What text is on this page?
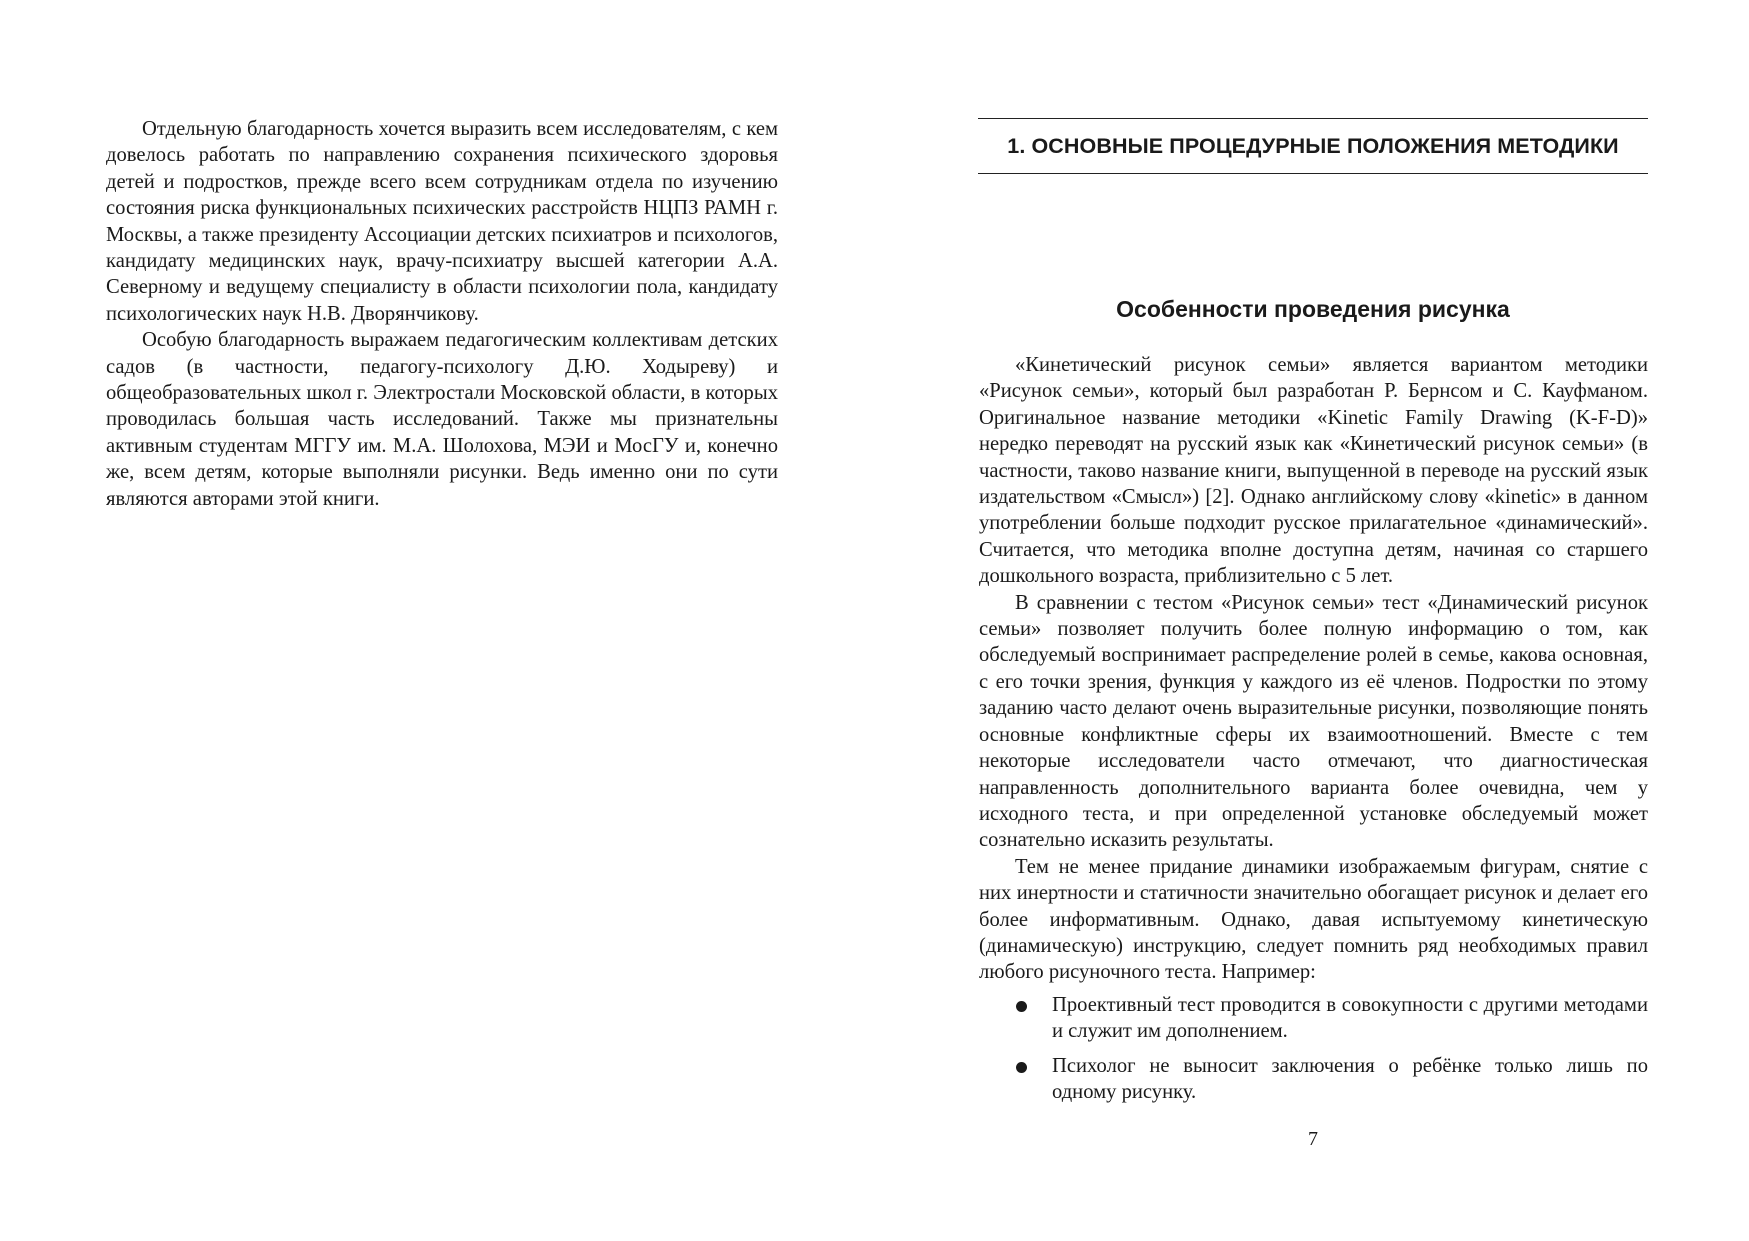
Отдельную благодарность хочется выразить всем исследователям, с кем довелось работать по направлению сохранения психического здоровья детей и подростков, прежде всего всем сотрудникам отдела по изучению состояния риска функциональных психических расстройств НЦПЗ РАМН г. Москвы, а также президенту Ассоциации детских психиатров и психологов, кандидату медицинских наук, врачу-психиатру высшей категории А.А. Северному и ведущему специалисту в области психологии пола, кандидату психологических наук Н.В. Дворянчикову.

Особую благодарность выражаем педагогическим коллективам детских садов (в частности, педагогу-психологу Д.Ю. Ходыреву) и общеобразовательных школ г. Электростали Московской области, в которых проводилась большая часть исследований. Также мы признательны активным студентам МГГУ им. М.А. Шолохова, МЭИ и МосГУ и, конечно же, всем детям, которые выполняли рисунки. Ведь именно они по сути являются авторами этой книги.

1. ОСНОВНЫЕ ПРОЦЕДУРНЫЕ ПОЛОЖЕНИЯ МЕТОДИКИ
Особенности проведения рисунка

«Кинетический рисунок семьи» является вариантом методики «Рисунок семьи», который был разработан Р. Бернсом и С. Кауфманом. Оригинальное название методики «Kinetic Family Drawing (K-F-D)» нередко переводят на русский язык как «Кинетический рисунок семьи» (в частности, таково название книги, выпущенной в переводе на русский язык издательством «Смысл») [2]. Однако английскому слову «kinetic» в данном употреблении больше подходит русское прилагательное «динамический». Считается, что методика вполне доступна детям, начиная со старшего дошкольного возраста, приблизительно с 5 лет.

В сравнении с тестом «Рисунок семьи» тест «Динамический рисунок семьи» позволяет получить более полную информацию о том, как обследуемый воспринимает распределение ролей в семье, какова основная, с его точки зрения, функция у каждого из её членов. Подростки по этому заданию часто делают очень выразительные рисунки, позволяющие понять основные конфликтные сферы их взаимоотношений. Вместе с тем некоторые исследователи часто отмечают, что диагностическая направленность дополнительного варианта более очевидна, чем у исходного теста, и при определенной установке обследуемый может сознательно исказить результаты.

Тем не менее придание динамики изображаемым фигурам, снятие с них инертности и статичности значительно обогащает рисунок и делает его более информативным. Однако, давая испытуемому кинетическую (динамическую) инструкцию, следует помнить ряд необходимых правил любого рисуночного теста. Например:

Проективный тест проводится в совокупности с другими методами и служит им дополнением.
Психолог не выносит заключения о ребёнке только лишь по одному рисунку.
7
